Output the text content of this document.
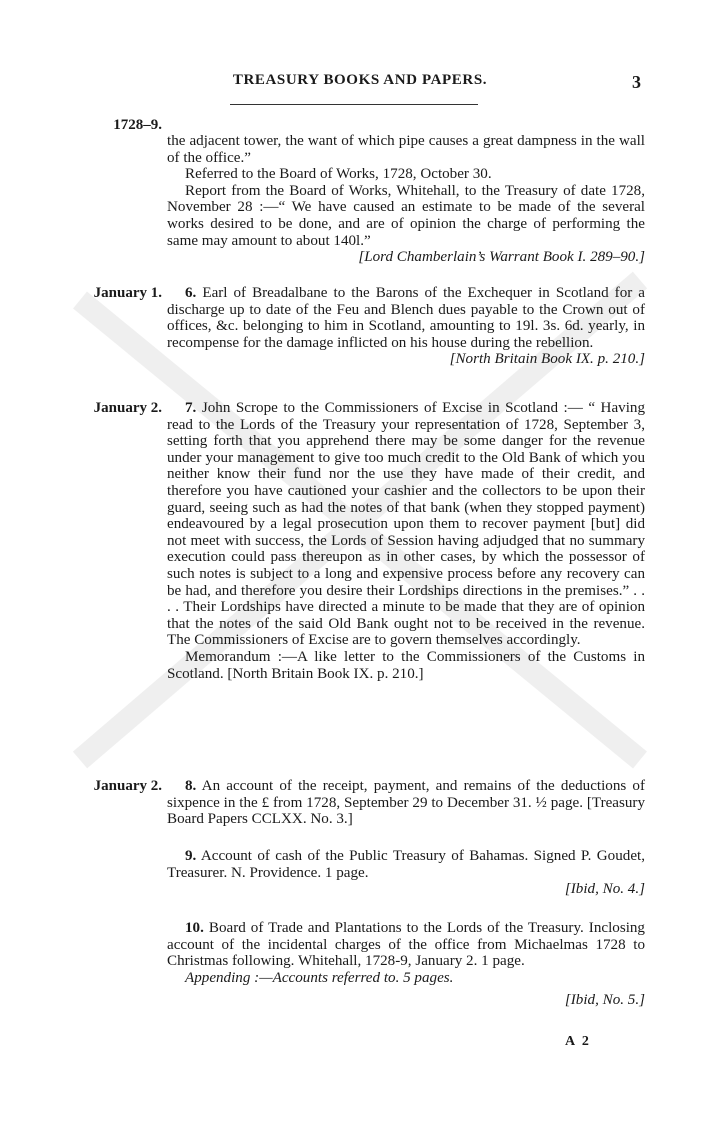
TREASURY BOOKS AND PAPERS.	3
1728–9.

the adjacent tower, the want of which pipe causes a great dampness in the wall of the office.”

Referred to the Board of Works, 1728, October 30.

Report from the Board of Works, Whitehall, to the Treasury of date 1728, November 28 :—“ We have caused an estimate to be made of the several works desired to be done, and are of opinion the charge of performing the same may amount to about 140l.”

[Lord Chamberlain’s Warrant Book I. 289–90.]

January 1.	6. Earl of Breadalbane to the Barons of the Exchequer in Scotland for a discharge up to date of the Feu and Blench dues payable to the Crown out of offices, &c. belonging to him in Scotland, amounting to 19l. 3s. 6d. yearly, in recompense for the damage inflicted on his house during the rebellion.

[North Britain Book IX. p. 210.]

January 2.	7. John Scrope to the Commissioners of Excise in Scotland :— “ Having read to the Lords of the Treasury your representation of 1728, September 3, setting forth that you apprehend there may be some danger for the revenue under your management to give too much credit to the Old Bank of which you neither know their fund nor the use they have made of their credit, and therefore you have cautioned your cashier and the collectors to be upon their guard, seeing such as had the notes of that bank (when they stopped payment) endeavoured by a legal prosecution upon them to recover payment [but] did not meet with success, the Lords of Session having adjudged that no summary execution could pass thereupon as in other cases, by which the possessor of such notes is subject to a long and expensive process before any recovery can be had, and therefore you desire their Lordships directions in the premises.” . . . . Their Lordships have directed a minute to be made that they are of opinion that the notes of the said Old Bank ought not to be received in the revenue. The Commissioners of Excise are to govern themselves accordingly.

Memorandum :—A like letter to the Commissioners of the Customs in Scotland. [North Britain Book IX. p. 210.]

January 2.	8. An account of the receipt, payment, and remains of the deductions of sixpence in the £ from 1728, September 29 to December 31. ½ page. [Treasury Board Papers CCLXX. No. 3.]

9. Account of cash of the Public Treasury of Bahamas. Signed P. Goudet, Treasurer. N. Providence. 1 page.

[Ibid, No. 4.]

10. Board of Trade and Plantations to the Lords of the Treasury. Inclosing account of the incidental charges of the office from Michaelmas 1728 to Christmas following. Whitehall, 1728-9, January 2. 1 page.

Appending :—Accounts referred to. 5 pages.

[Ibid, No. 5.]

A 2
